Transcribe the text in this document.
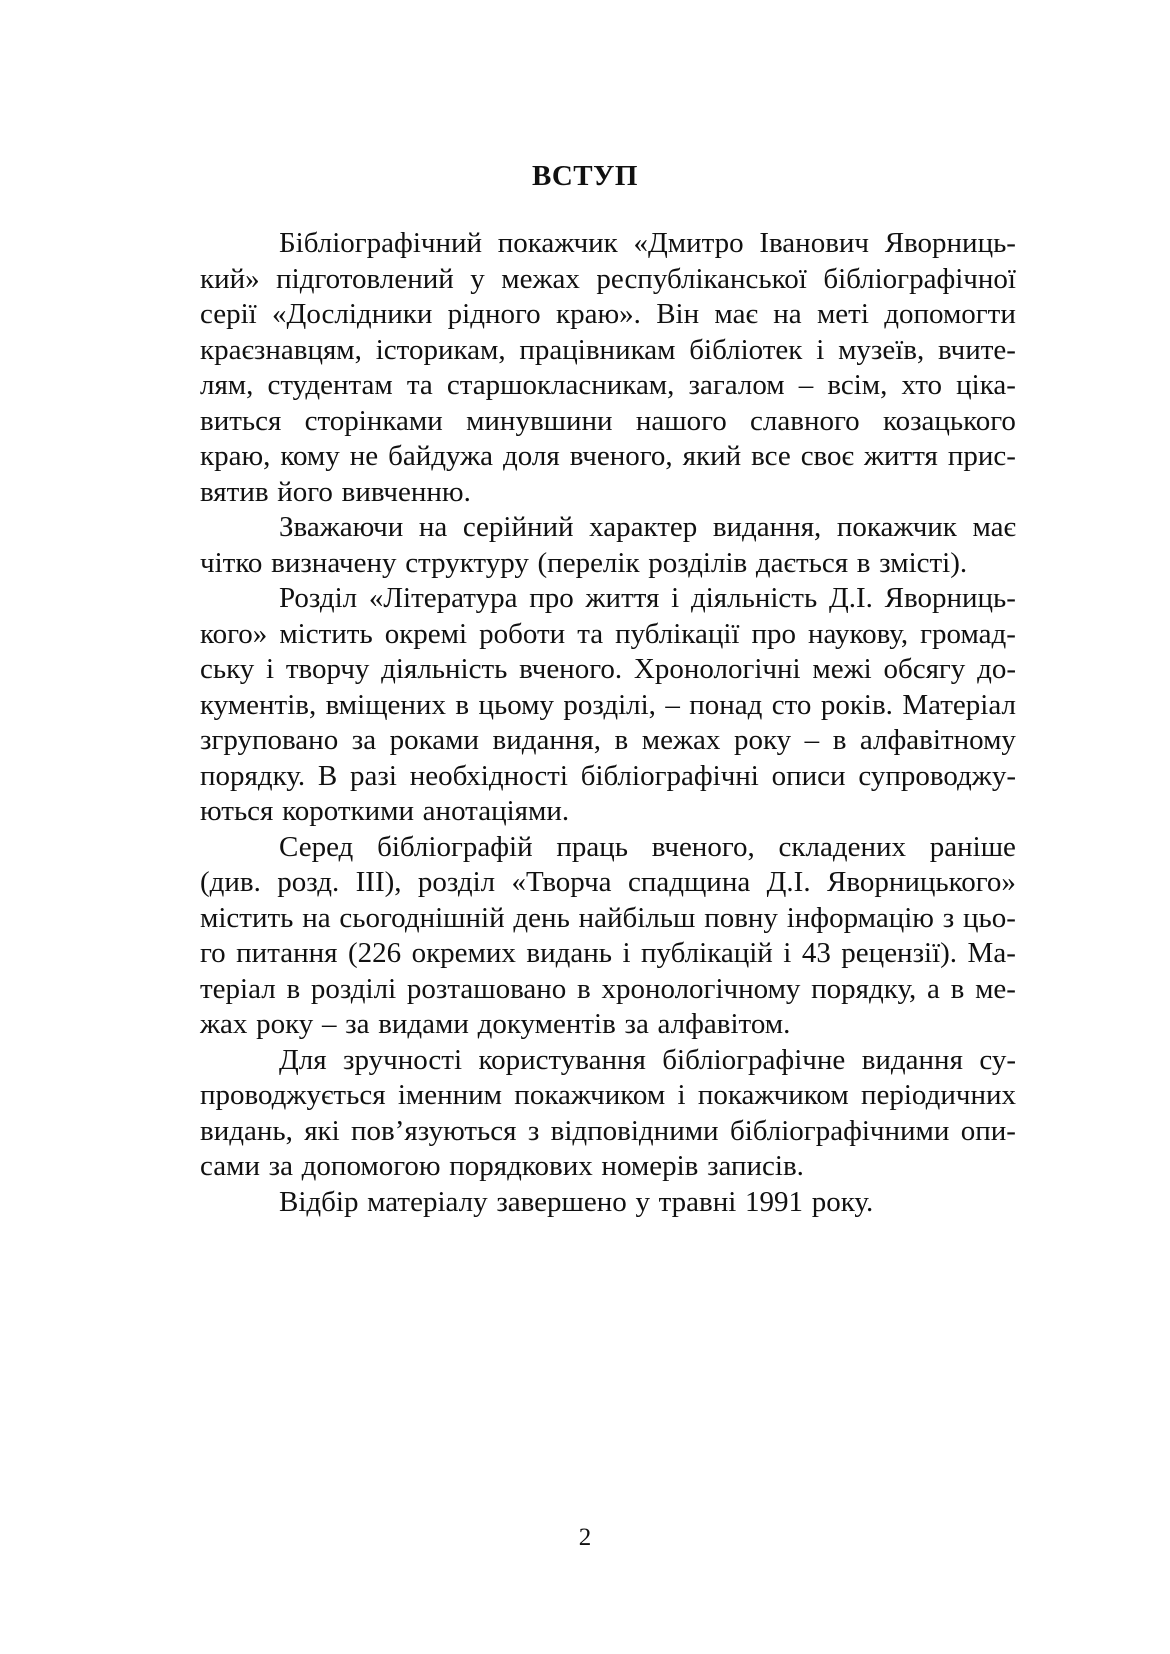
ВСТУП
Бібліографічний покажчик «Дмитро Іванович Яворниць-
кий» підготовлений у межах республіканської бібліографічної
серії «Дослідники рідного краю». Він має на меті допомогти
краєзнавцям, історикам, працівникам бібліотек і музеїв, вчите-
лям, студентам та старшокласникам, загалом – всім, хто ціка-
виться сторінками минувшини нашого славного козацького
краю, кому не байдужа доля вченого, який все своє життя прис-
вятив його вивченню.
Зважаючи на серійний характер видання, покажчик має
чітко визначену структуру (перелік розділів дається в змісті).
Розділ «Література про життя і діяльність Д.І. Яворниць-
кого» містить окремі роботи та публікації про наукову, громад-
ську і творчу діяльність вченого. Хронологічні межі обсягу до-
кументів, вміщених в цьому розділі, – понад сто років. Матеріал
згруповано за роками видання, в межах року – в алфавітному
порядку. В разі необхідності бібліографічні описи супроводжу-
ються короткими анотаціями.
Серед бібліографій праць вченого, складених раніше
(див. розд. ІІІ), розділ «Творча спадщина Д.І. Яворницького»
містить на сьогоднішній день найбільш повну інформацію з цьо-
го питання (226 окремих видань і публікацій і 43 рецензії). Ма-
теріал в розділі розташовано в хронологічному порядку, а в ме-
жах року – за видами документів за алфавітом.
Для зручності користування бібліографічне видання су-
проводжується іменним покажчиком і покажчиком періодичних
видань, які пов’язуються з відповідними бібліографічними опи-
сами за допомогою порядкових номерів записів.
Відбір матеріалу завершено у травні 1991 року.
2
